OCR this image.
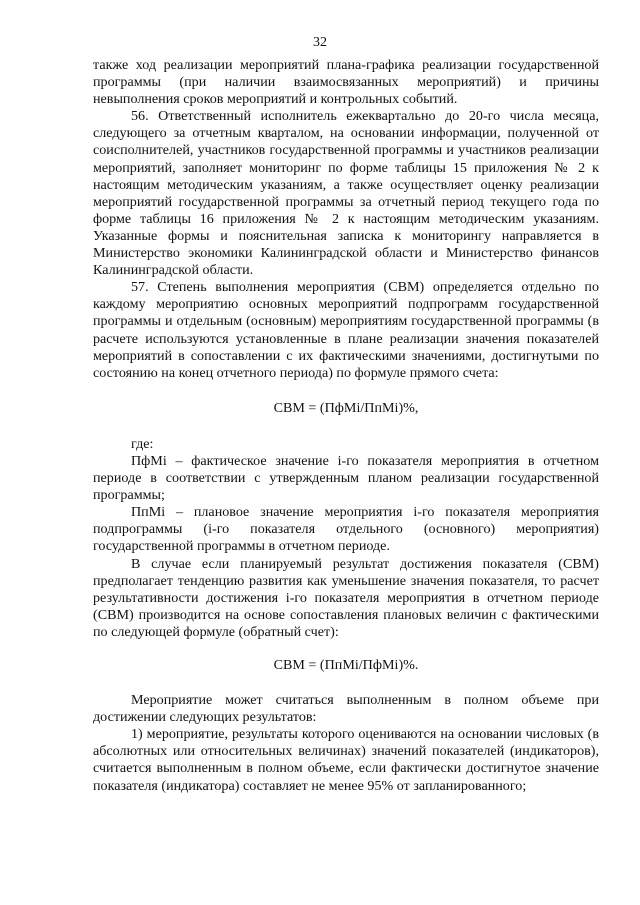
32

также ход реализации мероприятий плана-графика реализации государственной программы (при наличии взаимосвязанных мероприятий) и причины невыполнения сроков мероприятий и контрольных событий.

56. Ответственный исполнитель ежеквартально до 20-го числа месяца, следующего за отчетным кварталом, на основании информации, полученной от соисполнителей, участников государственной программы и участников реализации мероприятий, заполняет мониторинг по форме таблицы 15 приложения № 2 к настоящим методическим указаниям, а также осуществляет оценку реализации мероприятий государственной программы за отчетный период текущего года по форме таблицы 16 приложения № 2 к настоящим методическим указаниям. Указанные формы и пояснительная записка к мониторингу направляется в Министерство экономики Калининградской области и Министерство финансов Калининградской области.

57. Степень выполнения мероприятия (СВМ) определяется отдельно по каждому мероприятию основных мероприятий подпрограмм государственной программы и отдельным (основным) мероприятиям государственной программы (в расчете используются установленные в плане реализации значения показателей мероприятий в сопоставлении с их фактическими значениями, достигнутыми по состоянию на конец отчетного периода) по формуле прямого счета:

СВМ = (ПфМi/ПпМi)%,

где:

ПфМi – фактическое значение i-го показателя мероприятия в отчетном периоде в соответствии с утвержденным планом реализации государственной программы;

ПпМi – плановое значение мероприятия i-го показателя мероприятия подпрограммы (i-го показателя отдельного (основного) мероприятия) государственной программы в отчетном периоде.

В случае если планируемый результат достижения показателя (СВМ) предполагает тенденцию развития как уменьшение значения показателя, то расчет результативности достижения i-го показателя мероприятия в отчетном периоде (СВМ) производится на основе сопоставления плановых величин с фактическими по следующей формуле (обратный счет):

СВМ = (ПпМi/ПфМi)%.

Мероприятие может считаться выполненным в полном объеме при достижении следующих результатов:

1) мероприятие, результаты которого оцениваются на основании числовых (в абсолютных или относительных величинах) значений показателей (индикаторов), считается выполненным в полном объеме, если фактически достигнутое значение показателя (индикатора) составляет не менее 95% от запланированного;
